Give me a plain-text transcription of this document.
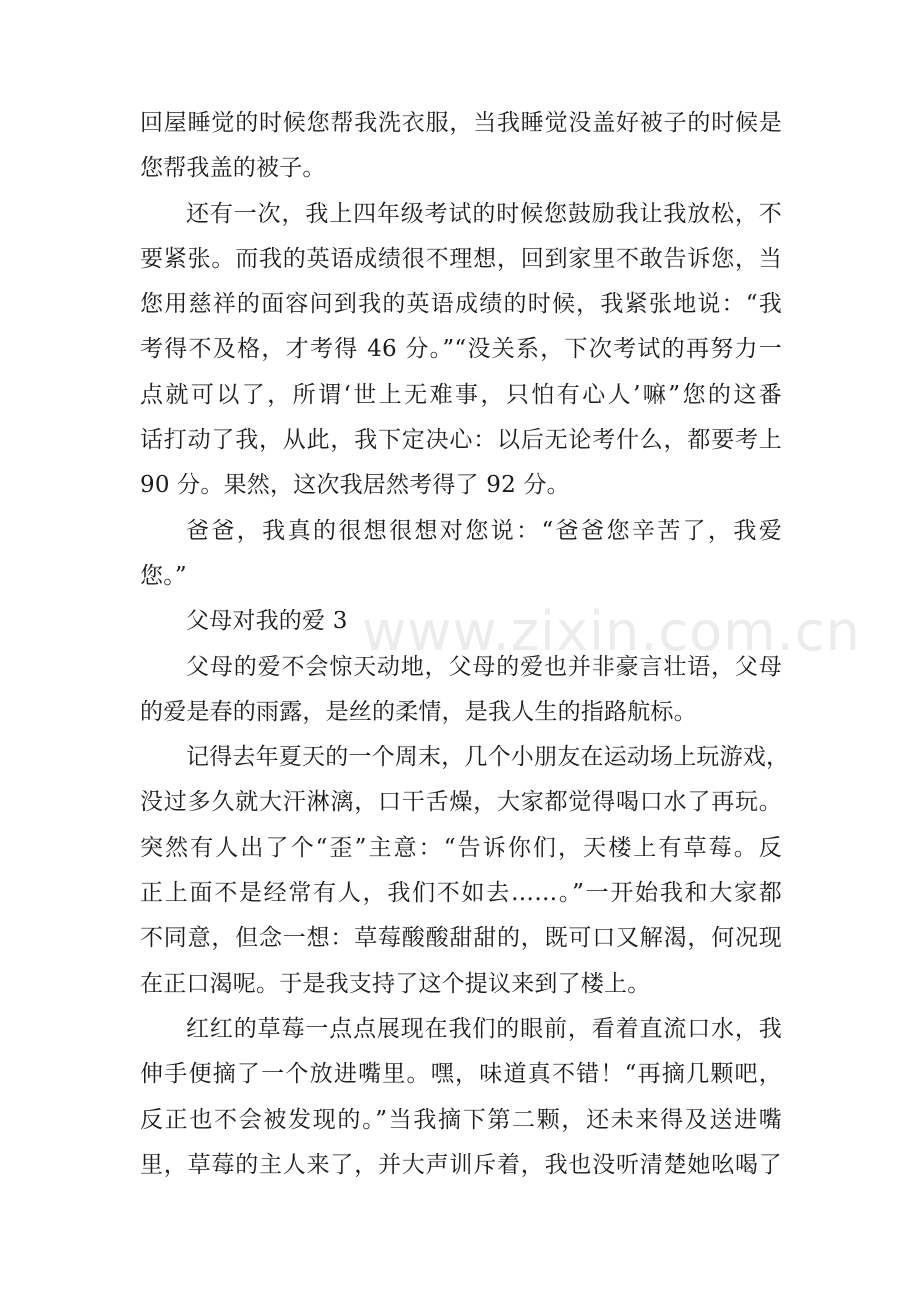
回屋睡觉的时候您帮我洗衣服，当我睡觉没盖好被子的时候是
您帮我盖的被子。
还有一次，我上四年级考试的时候您鼓励我让我放松，不
要紧张。而我的英语成绩很不理想，回到家里不敢告诉您，当
您用慈祥的面容问到我的英语成绩的时候，我紧张地说：“我
考得不及格，才考得 46 分。”“没关系，下次考试的再努力一
点就可以了，所谓‘世上无难事，只怕有心人’嘛”您的这番
话打动了我，从此，我下定决心：以后无论考什么，都要考上
90 分。果然，这次我居然考得了 92 分。
爸爸，我真的很想很想对您说：“爸爸您辛苦了，我爱
您。”
父母对我的爱 3
父母的爱不会惊天动地，父母的爱也并非豪言壮语，父母
的爱是春的雨露，是丝的柔情，是我人生的指路航标。
记得去年夏天的一个周末，几个小朋友在运动场上玩游戏，
没过多久就大汗淋漓，口干舌燥，大家都觉得喝口水了再玩。
突然有人出了个“歪”主意：“告诉你们，天楼上有草莓。反
正上面不是经常有人，我们不如去……。”一开始我和大家都
不同意，但念一想：草莓酸酸甜甜的，既可口又解渴，何况现
在正口渴呢。于是我支持了这个提议来到了楼上。
红红的草莓一点点展现在我们的眼前，看着直流口水，我
伸手便摘了一个放进嘴里。嘿，味道真不错！“再摘几颗吧，
反正也不会被发现的。”当我摘下第二颗，还未来得及送进嘴
里，草莓的主人来了，并大声训斥着，我也没听清楚她吆喝了
www.zixin.com.cn
